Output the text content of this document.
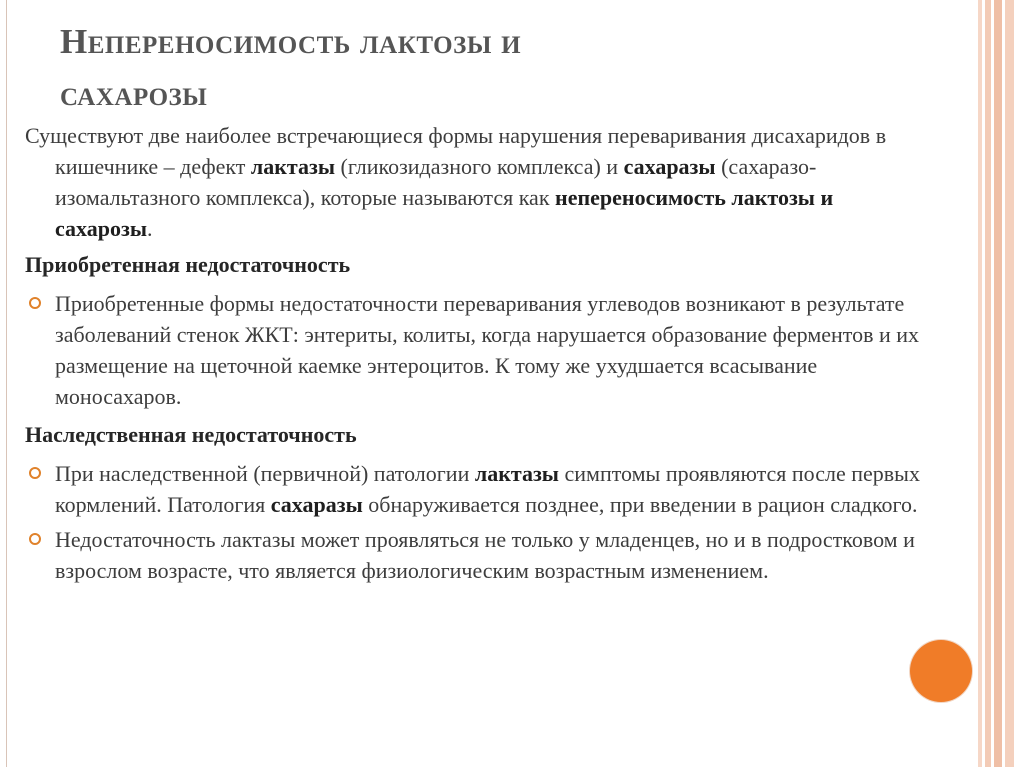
Непереносимость лактозы и
сахарозы

Существуют две наиболее встречающиеся формы нарушения переваривания дисахаридов в кишечнике – дефект лактазы (гликозидазного комплекса) и сахаразы (сахаразо-изомальтазного комплекса), которые называются как непереносимость лактозы и сахарозы.

Приобретенная недостаточность

Приобретенные формы недостаточности переваривания углеводов возникают в результате заболеваний стенок ЖКТ: энтериты, колиты, когда нарушается образование ферментов и их размещение на щеточной каемке энтероцитов. К тому же ухудшается всасывание моносахаров.

Наследственная недостаточность

При наследственной (первичной) патологии лактазы симптомы проявляются после первых кормлений. Патология сахаразы обнаруживается позднее, при введении в рацион сладкого.
Недостаточность лактазы может проявляться не только у младенцев, но и в подростковом и взрослом возрасте, что является физиологическим возрастным изменением.
